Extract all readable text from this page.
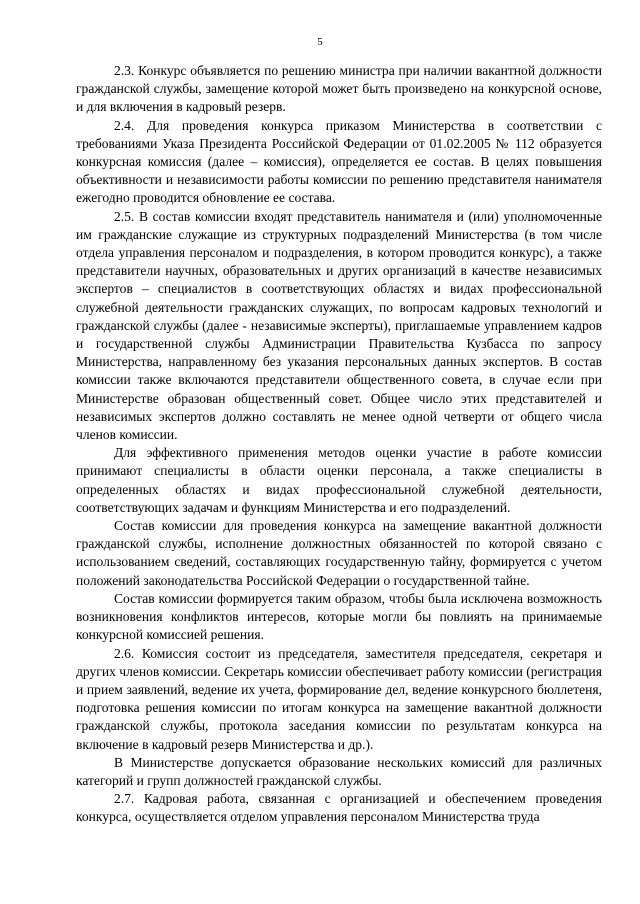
5

2.3. Конкурс объявляется по решению министра при наличии вакантной должности гражданской службы, замещение которой может быть произведено на конкурсной основе, и для включения в кадровый резерв.

2.4. Для проведения конкурса приказом Министерства в соответствии с требованиями Указа Президента Российской Федерации от 01.02.2005 № 112 образуется конкурсная комиссия (далее – комиссия), определяется ее состав. В целях повышения объективности и независимости работы комиссии по решению представителя нанимателя ежегодно проводится обновление ее состава.

2.5. В состав комиссии входят представитель нанимателя и (или) уполномоченные им гражданские служащие из структурных подразделений Министерства (в том числе отдела управления персоналом и подразделения, в котором проводится конкурс), а также представители научных, образовательных и других организаций в качестве независимых экспертов – специалистов в соответствующих областях и видах профессиональной служебной деятельности гражданских служащих, по вопросам кадровых технологий и гражданской службы (далее - независимые эксперты), приглашаемые управлением кадров и государственной службы Администрации Правительства Кузбасса по запросу Министерства, направленному без указания персональных данных экспертов. В состав комиссии также включаются представители общественного совета, в случае если при Министерстве образован общественный совет. Общее число этих представителей и независимых экспертов должно составлять не менее одной четверти от общего числа членов комиссии.

Для эффективного применения методов оценки участие в работе комиссии принимают специалисты в области оценки персонала, а также специалисты в определенных областях и видах профессиональной служебной деятельности, соответствующих задачам и функциям Министерства и его подразделений.

Состав комиссии для проведения конкурса на замещение вакантной должности гражданской службы, исполнение должностных обязанностей по которой связано с использованием сведений, составляющих государственную тайну, формируется с учетом положений законодательства Российской Федерации о государственной тайне.

Состав комиссии формируется таким образом, чтобы была исключена возможность возникновения конфликтов интересов, которые могли бы повлиять на принимаемые конкурсной комиссией решения.

2.6. Комиссия состоит из председателя, заместителя председателя, секретаря и других членов комиссии. Секретарь комиссии обеспечивает работу комиссии (регистрация и прием заявлений, ведение их учета, формирование дел, ведение конкурсного бюллетеня, подготовка решения комиссии по итогам конкурса на замещение вакантной должности гражданской службы, протокола заседания комиссии по результатам конкурса на включение в кадровый резерв Министерства и др.).

В Министерстве допускается образование нескольких комиссий для различных категорий и групп должностей гражданской службы.

2.7. Кадровая работа, связанная с организацией и обеспечением проведения конкурса, осуществляется отделом управления персоналом Министерства труда
